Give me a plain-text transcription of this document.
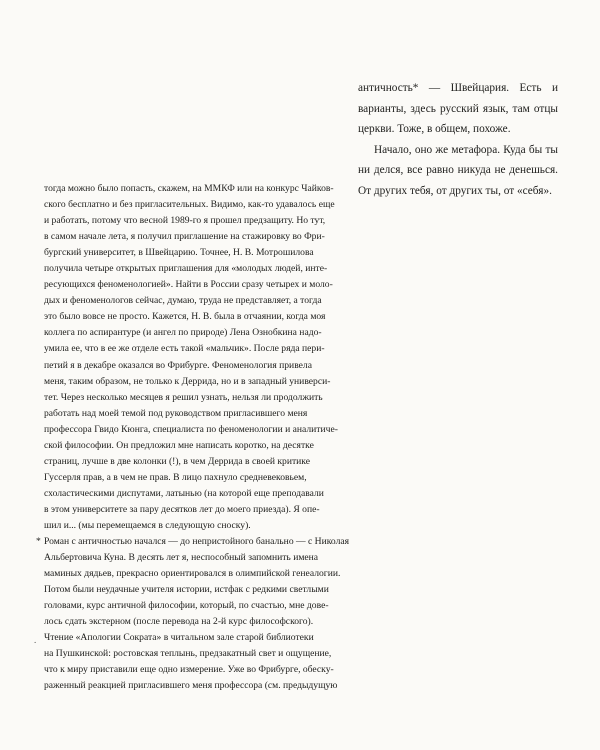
античность* — Швейцария. Есть и варианты, здесь русский язык, там отцы церкви. Тоже, в общем, похоже.

Начало, оно же метафора. Куда бы ты ни делся, все равно никуда не денешься. От других тебя, от других ты, от «себя».

тогда можно было попасть, скажем, на ММКФ или на конкурс Чайков-
ского бесплатно и без пригласительных. Видимо, как-то удавалось еще
и работать, потому что весной 1989-го я прошел предзащиту. Но тут,
в самом начале лета, я получил приглашение на стажировку во Фри-
бургский университет, в Швейцарию. Точнее, Н. В. Мотрошилова
получила четыре открытых приглашения для «молодых людей, инте-
ресующихся феноменологией». Найти в России сразу четырех и моло-
дых и феноменологов сейчас, думаю, труда не представляет, а тогда
это было вовсе не просто. Кажется, Н. В. была в отчаянии, когда моя
коллега по аспирантуре (и ангел по природе) Лена Ознобкина надо-
умила ее, что в ее же отделе есть такой «мальчик». После ряда пери-
петий я в декабре оказался во Фрибурге. Феноменология привела
меня, таким образом, не только к Деррида, но и в западный универси-
тет. Через несколько месяцев я решил узнать, нельзя ли продолжить
работать над моей темой под руководством пригласившего меня
профессора Гвидо Кюнга, специалиста по феноменологии и аналитиче-
ской философии. Он предложил мне написать коротко, на десятке
страниц, лучше в две колонки (!), в чем Деррида в своей критике
Гуссерля прав, а в чем не прав. В лицо пахнуло средневековьем,
схоластическими диспутами, латынью (на которой еще преподавали
в этом университете за пару десятков лет до моего приезда). Я опе-
шил и... (мы перемещаемся в следующую сноску).
Роман с античностью начался — до непристойного банально — с Николая
*
Альбертовича Куна. В десять лет я, неспособный запомнить имена
маминых дядьев, прекрасно ориентировался в олимпийской генеалогии.
Потом были неудачные учителя истории, истфак с редкими светлыми
головами, курс античной философии, который, по счастью, мне дове-
лось сдать экстерном (после перевода на 2-й курс философского).
Чтение «Апологии Сократа» в читальном зале старой библиотеки
на Пушкинской: ростовская теплынь, предзакатный свет и ощущение,
что к миру приставили еще одно измерение. Уже во Фрибурге, обеску-
раженный реакцией пригласившего меня профессора (см. предыдущую
.
